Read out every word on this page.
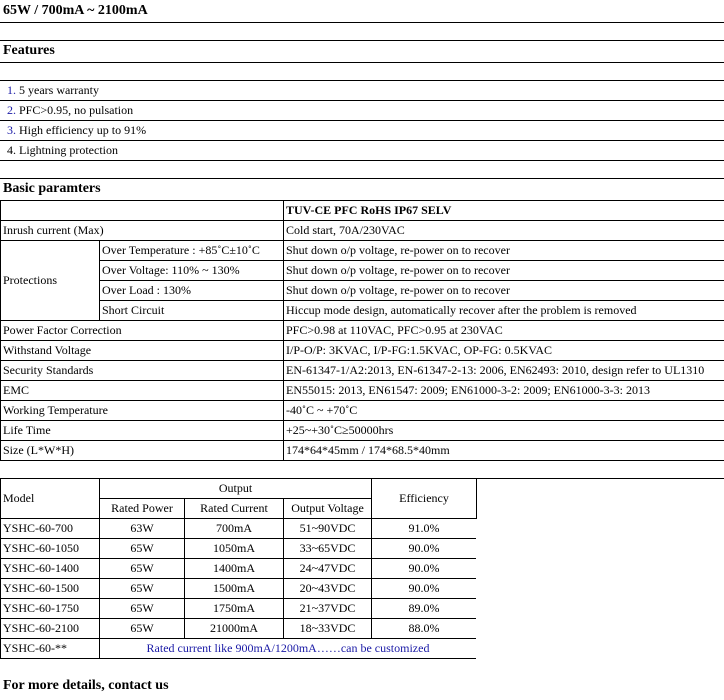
65W / 700mA ~ 2100mA					

Features					

1. 5 years warranty					
2. PFC>0.95, no pulsation					
3. High efficiency up to 91%					
4. Lightning protection					

Basic paramters					
			TUV-CE PFC RoHS IP67 SELV		
Inrush current (Max)			Cold start, 70A/230VAC		
Protections	Over Temperature : +85˚C±10˚C		Shut down o/p voltage, re-power on to recover		
	Over Voltage: 110% ~ 130%		Shut down o/p voltage, re-power on to recover		
	Over Load : 130%		Shut down o/p voltage, re-power on to recover		
	Short Circuit		Hiccup mode design, automatically recover after the problem is removed		
Power Factor Correction			PFC>0.98 at 110VAC, PFC>0.95 at 230VAC		
Withstand Voltage			I/P-O/P: 3KVAC, I/P-FG:1.5KVAC, OP-FG: 0.5KVAC		
Security Standards			EN-61347-1/A2:2013, EN-61347-2-13: 2006, EN62493: 2010, design refer to UL1310		
EMC			EN55015: 2013, EN61547: 2009; EN61000-3-2: 2009; EN61000-3-3: 2013		
Working Temperature			-40˚C ~ +70˚C		
Life Time			+25~+30˚C≥50000hrs		
Size (L*W*H)			174*64*45mm / 174*68.5*40mm		

Model	Output			Efficiency	
	Rated Power	Rated Current	Output Voltage		
YSHC-60-700	63W	700mA	51~90VDC	91.0%	
YSHC-60-1050	65W	1050mA	33~65VDC	90.0%	
YSHC-60-1400	65W	1400mA	24~47VDC	90.0%	
YSHC-60-1500	65W	1500mA	20~43VDC	90.0%	
YSHC-60-1750	65W	1750mA	21~37VDC	89.0%	
YSHC-60-2100	65W	21000mA	18~33VDC	88.0%	
YSHC-60-**	Rated current like 900mA/1200mA……can be customized				

For more details, contact us					
